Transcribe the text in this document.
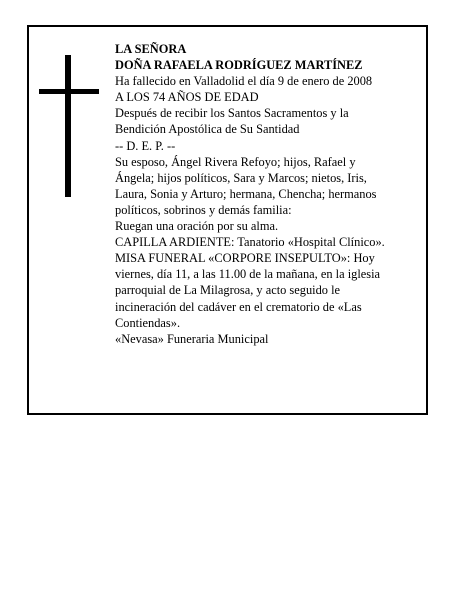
LA SEÑORA
DOÑA RAFAELA RODRÍGUEZ MARTÍNEZ
Ha fallecido en Valladolid el día 9 de enero de 2008
A LOS 74 AÑOS DE EDAD
Después de recibir los Santos Sacramentos y la
Bendición Apostólica de Su Santidad
-- D. E. P. --
Su esposo, Ángel Rivera Refoyo; hijos, Rafael y
Ángela; hijos políticos, Sara y Marcos; nietos, Iris,
Laura, Sonia y Arturo; hermana, Chencha; hermanos
políticos, sobrinos y demás familia:
Ruegan una oración por su alma.
CAPILLA ARDIENTE: Tanatorio «Hospital Clínico».
MISA FUNERAL «CORPORE INSEPULTO»: Hoy
viernes, día 11, a las 11.00 de la mañana, en la iglesia
parroquial de La Milagrosa, y acto seguido le
incineración del cadáver en el crematorio de «Las
Contiendas».
«Nevasa» Funeraria Municipal
